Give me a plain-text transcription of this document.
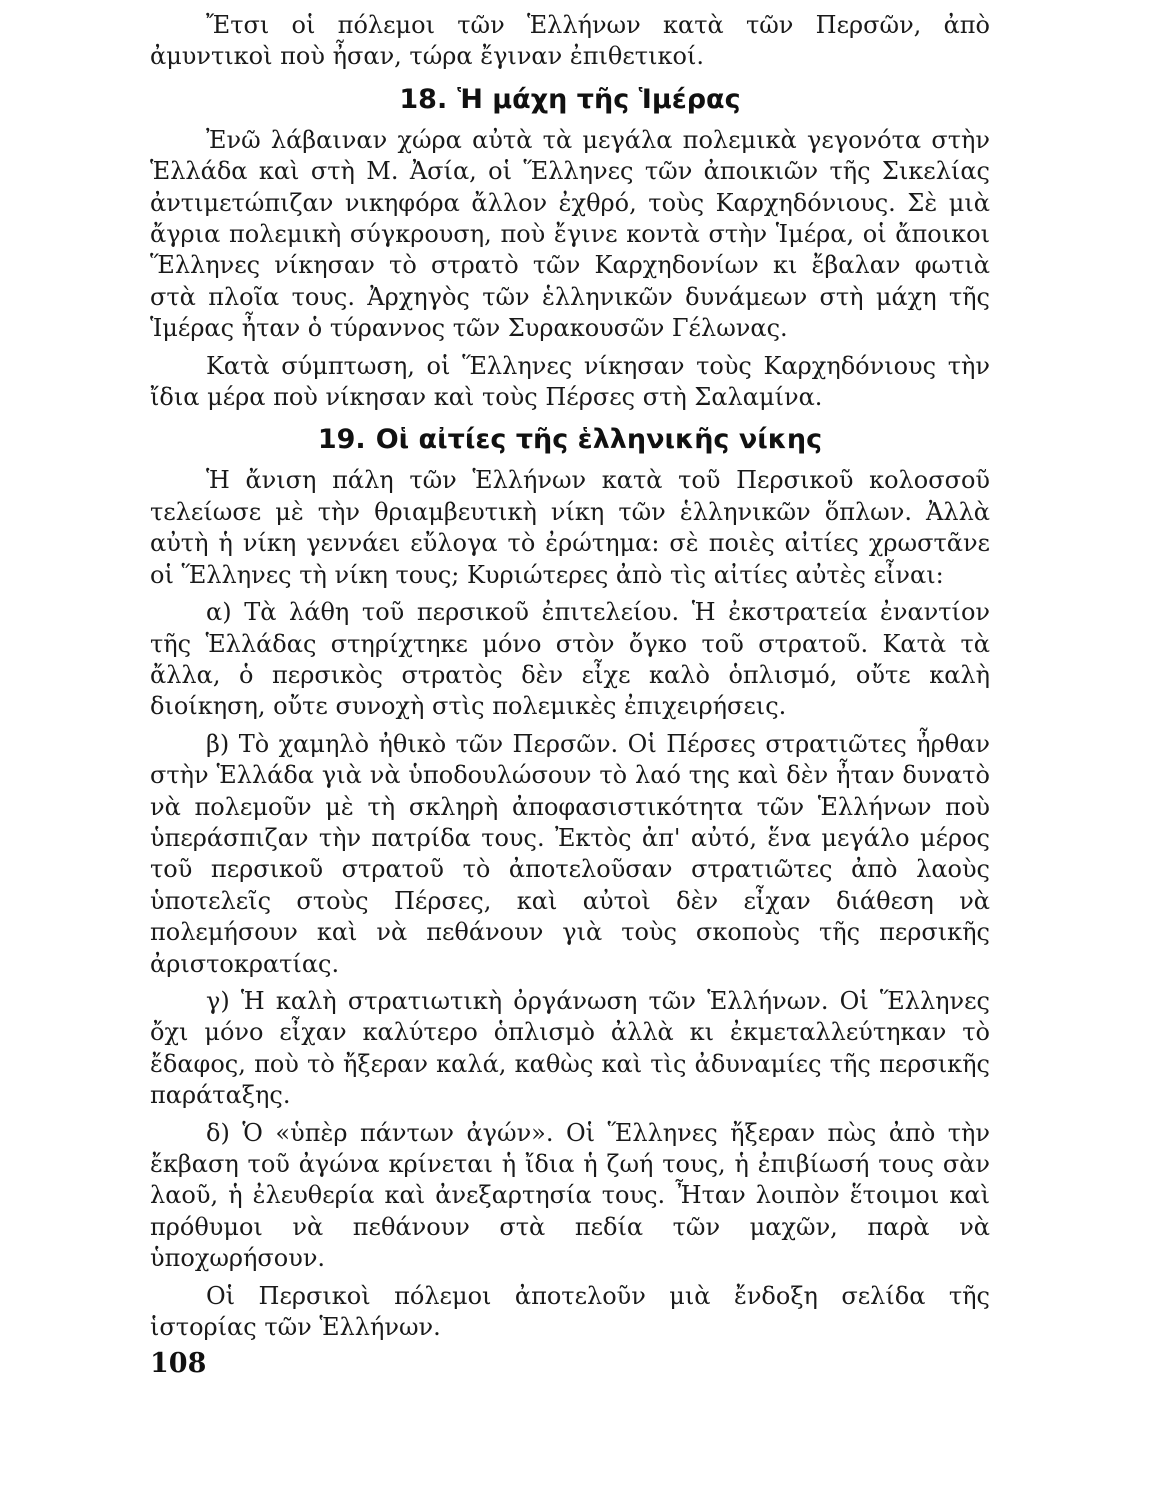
Ἔτσι οἱ πόλεμοι τῶν Ἑλλήνων κατὰ τῶν Περσῶν, ἀπὸ ἀμυντικοὶ ποὺ ἦσαν, τώρα ἔγιναν ἐπιθετικοί.

18. Ἡ μάχη τῆς Ἱμέρας

Ἐνῶ λάβαιναν χώρα αὐτὰ τὰ μεγάλα πολεμικὰ γεγονότα στὴν Ἑλλάδα καὶ στὴ Μ. Ἀσία, οἱ Ἕλληνες τῶν ἀποικιῶν τῆς Σικελίας ἀντιμετώπιζαν νικηφόρα ἄλλον ἐχθρό, τοὺς Καρχηδόνιους. Σὲ μιὰ ἄγρια πολεμικὴ σύγκρουση, ποὺ ἔγινε κοντὰ στὴν Ἱμέρα, οἱ ἄποικοι Ἕλληνες νίκησαν τὸ στρατὸ τῶν Καρχηδονίων κι ἔβαλαν φωτιὰ στὰ πλοῖα τους. Ἀρχηγὸς τῶν ἑλληνικῶν δυνάμεων στὴ μάχη τῆς Ἱμέρας ἦταν ὁ τύραννος τῶν Συρακουσῶν Γέλωνας.

Κατὰ σύμπτωση, οἱ Ἕλληνες νίκησαν τοὺς Καρχηδόνιους τὴν ἴδια μέρα ποὺ νίκησαν καὶ τοὺς Πέρσες στὴ Σαλαμίνα.

19. Οἱ αἰτίες τῆς ἑλληνικῆς νίκης

Ἡ ἄνιση πάλη τῶν Ἑλλήνων κατὰ τοῦ Περσικοῦ κολοσσοῦ τελείωσε μὲ τὴν θριαμβευτικὴ νίκη τῶν ἑλληνικῶν ὅπλων. Ἀλλὰ αὐτὴ ἡ νίκη γεννάει εὔλογα τὸ ἐρώτημα: σὲ ποιὲς αἰτίες χρωστᾶνε οἱ Ἕλληνες τὴ νίκη τους; Κυριώτερες ἀπὸ τὶς αἰτίες αὐτὲς εἶναι:

α) Τὰ λάθη τοῦ περσικοῦ ἐπιτελείου. Ἡ ἐκστρατεία ἐναντίον τῆς Ἑλλάδας στηρίχτηκε μόνο στὸν ὄγκο τοῦ στρατοῦ. Κατὰ τὰ ἄλλα, ὁ περσικὸς στρατὸς δὲν εἶχε καλὸ ὁπλισμό, οὔτε καλὴ διοίκηση, οὔτε συνοχὴ στὶς πολεμικὲς ἐπιχειρήσεις.

β) Τὸ χαμηλὸ ἠθικὸ τῶν Περσῶν. Οἱ Πέρσες στρατιῶτες ἦρθαν στὴν Ἑλλάδα γιὰ νὰ ὑποδουλώσουν τὸ λαό της καὶ δὲν ἦταν δυνατὸ νὰ πολεμοῦν μὲ τὴ σκληρὴ ἀποφασιστικότητα τῶν Ἑλλήνων ποὺ ὑπεράσπιζαν τὴν πατρίδα τους. Ἐκτὸς ἀπ' αὐτό, ἕνα μεγάλο μέρος τοῦ περσικοῦ στρατοῦ τὸ ἀποτελοῦσαν στρατιῶτες ἀπὸ λαοὺς ὑποτελεῖς στοὺς Πέρσες, καὶ αὐτοὶ δὲν εἶχαν διάθεση νὰ πολεμήσουν καὶ νὰ πεθάνουν γιὰ τοὺς σκοποὺς τῆς περσικῆς ἀριστοκρατίας.

γ) Ἡ καλὴ στρατιωτικὴ ὀργάνωση τῶν Ἑλλήνων. Οἱ Ἕλληνες ὄχι μόνο εἶχαν καλύτερο ὁπλισμὸ ἀλλὰ κι ἐκμεταλλεύτηκαν τὸ ἔδαφος, ποὺ τὸ ἤξεραν καλά, καθὼς καὶ τὶς ἀδυναμίες τῆς περσικῆς παράταξης.

δ) Ὁ «ὑπὲρ πάντων ἀγών». Οἱ Ἕλληνες ἤξεραν πὼς ἀπὸ τὴν ἔκβαση τοῦ ἀγώνα κρίνεται ἡ ἴδια ἡ ζωή τους, ἡ ἐπιβίωσή τους σὰν λαοῦ, ἡ ἐλευθερία καὶ ἀνεξαρτησία τους. Ἦταν λοιπὸν ἕτοιμοι καὶ πρόθυμοι νὰ πεθάνουν στὰ πεδία τῶν μαχῶν, παρὰ νὰ ὑποχωρήσουν.

Οἱ Περσικοὶ πόλεμοι ἀποτελοῦν μιὰ ἔνδοξη σελίδα τῆς ἱστορίας τῶν Ἑλλήνων.

108
